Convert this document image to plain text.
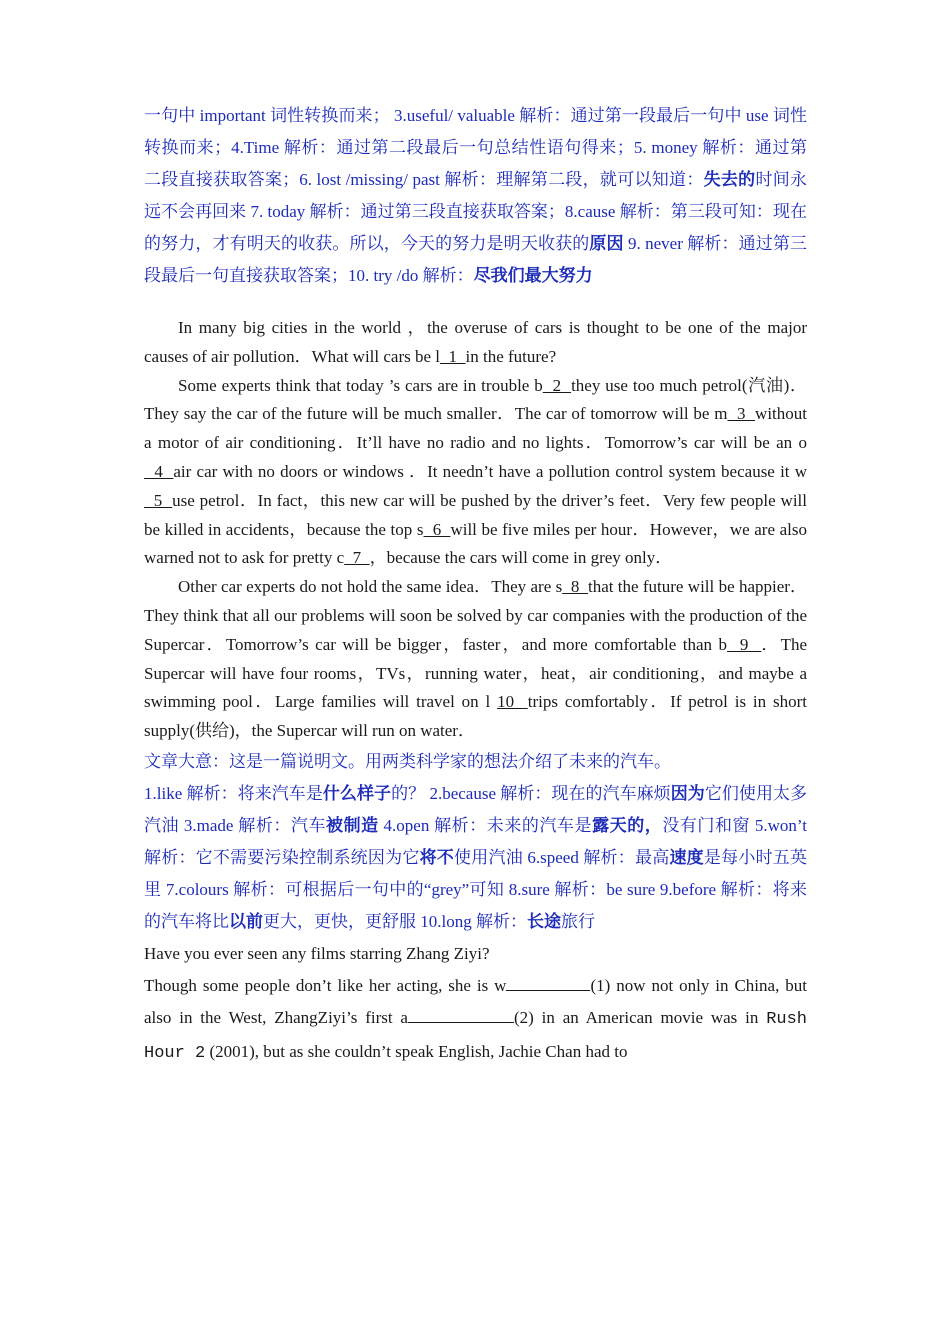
一句中 important 词性转换而来； 3.useful/ valuable 解析：通过第一段最后一句中 use 词性转换而来；4.Time 解析：通过第二段最后一句总结性语句得来；5. money 解析：通过第二段直接获取答案；6. lost /missing/ past 解析：理解第二段，就可以知道：失去的时间永远不会再回来 7. today 解析：通过第三段直接获取答案；8.cause 解析：第三段可知：现在的努力，才有明天的收获。所以，今天的努力是明天收获的原因 9. never 解析：通过第三段最后一句直接获取答案；10. try /do 解析：尽我们最大努力

In many big cities in the world ，the overuse of cars is thought to be one of the major causes of air pollution．What will cars be l  1  in the future?

Some experts think that today ’s cars are in trouble b  2  they use too much petrol(汽油)．They say the car of the future will be much smaller．The car of tomorrow will be m  3  without a motor of air conditioning．It’ll have no radio and no lights．Tomorrow’s car will be an o   4  air car with no doors or windows ．It needn’t have a pollution control system because it w  5  use petrol．In fact，this new car will be pushed by the driver’s feet．Very few people will be killed in accidents，because the top s  6  will be five miles per hour．However，we are also warned not to ask for pretty c  7  ，because the cars will come in grey only．

Other car experts do not hold the same idea．They are s  8  that the future will be happier．They think that all our problems will soon be solved by car companies with the production of the Supercar．Tomorrow’s car will be bigger，faster，and more comfortable than b  9  ．The Supercar will have four rooms，TVs，running water，heat，air conditioning，and maybe a swimming pool．Large families will travel on l 10  trips comfortably．If petrol is in short supply(供给)，the Supercar will run on water．

文章大意：这是一篇说明文。用两类科学家的想法介绍了未来的汽车。

1.like 解析：将来汽车是什么样子的？ 2.because 解析：现在的汽车麻烦因为它们使用太多汽油 3.made 解析：汽车被制造 4.open 解析：未来的汽车是露天的，没有门和窗 5.won’t 解析：它不需要污染控制系统因为它将不使用汽油 6.speed 解析：最高速度是每小时五英里 7.colours 解析：可根据后一句中的“grey”可知 8.sure 解析：be sure 9.before 解析：将来的汽车将比以前更大，更快，更舒服 10.long 解析：长途旅行

Have you ever seen any films starring Zhang Ziyi?

Though some people don’t like her acting, she is w	(1) now not only in China, but also in the West, ZhangZiyi’s first a	(2) in an American movie was in Rush Hour 2 (2001), but as she couldn’t speak English, Jachie Chan had to
